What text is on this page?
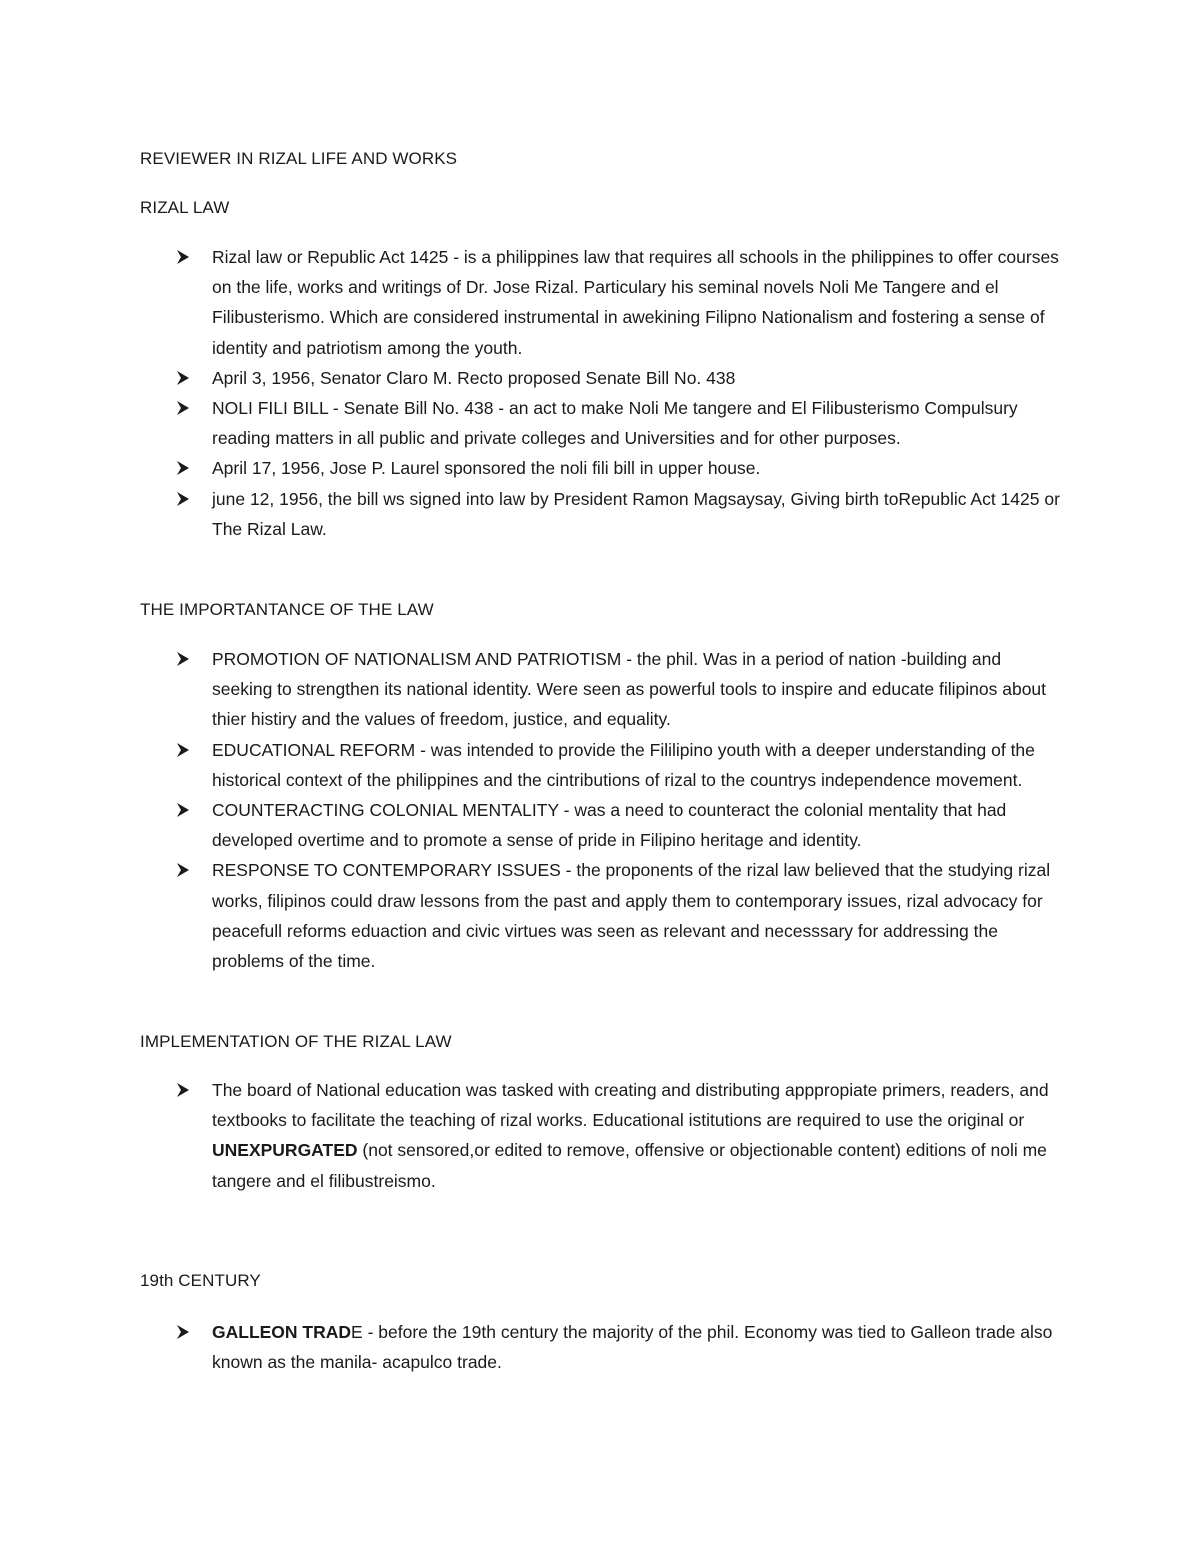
REVIEWER IN RIZAL LIFE AND WORKS
RIZAL LAW
Rizal law or Republic Act 1425 - is a philippines law that requires all schools in the philippines to offer courses on the life, works and writings of Dr. Jose Rizal. Particulary his seminal novels Noli Me Tangere and el Filibusterismo. Which are considered instrumental in awekining Filipno Nationalism and fostering a sense of identity and patriotism among the youth.
April 3, 1956, Senator Claro M. Recto proposed Senate Bill No. 438
NOLI FILI BILL - Senate Bill No. 438 - an act to make Noli Me tangere and El Filibusterismo Compulsury reading matters in all public and private colleges and Universities and for other purposes.
April 17, 1956, Jose P. Laurel sponsored the noli fili bill in upper house.
june 12, 1956, the bill ws signed into law by President Ramon Magsaysay, Giving birth toRepublic Act 1425 or The Rizal Law.
THE IMPORTANTANCE OF THE LAW
PROMOTION OF NATIONALISM AND PATRIOTISM - the phil. Was in a period of nation -building and seeking to strengthen its national identity. Were seen as powerful tools to inspire and educate filipinos about thier histiry and the values of freedom, justice, and equality.
EDUCATIONAL REFORM - was intended to provide the Fililipino youth with a deeper understanding of the historical context of the philippines and the cintributions of rizal to the countrys independence movement.
COUNTERACTING COLONIAL MENTALITY - was a need to counteract the colonial mentality that had developed overtime and to promote a sense of pride in Filipino heritage and identity.
RESPONSE TO CONTEMPORARY ISSUES - the proponents of the rizal law believed that the studying rizal works, filipinos could draw lessons from the past and apply them to contemporary issues, rizal advocacy for peacefull reforms eduaction and civic virtues was seen as relevant and necesssary for addressing the problems of the time.
IMPLEMENTATION OF THE RIZAL LAW
The board of National education was tasked with creating and distributing apppropiate primers, readers, and textbooks to facilitate the teaching of rizal works. Educational istitutions are required to use the original or UNEXPURGATED (not sensored,or edited to remove, offensive or objectionable content) editions of noli me tangere and el filibustreismo.
19th CENTURY
GALLEON TRADE - before the 19th century the majority of the phil. Economy was tied to Galleon trade also known as the manila- acapulco trade.
